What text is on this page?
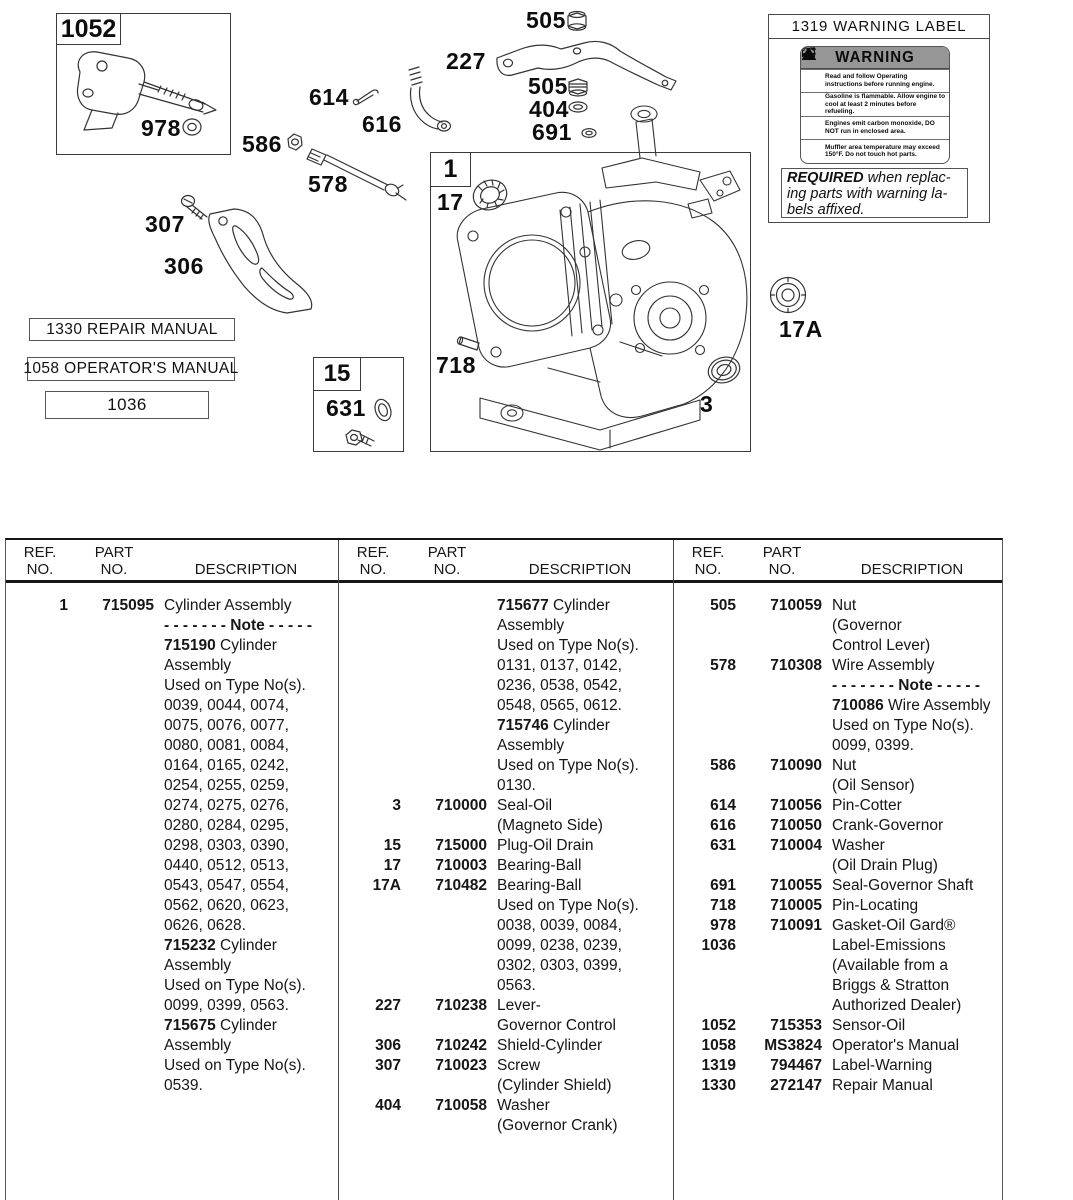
1052
1
15
978
586
614
616
578
307
306
227
505
505
404
691
17
718
3
17A
631
1330 REPAIR MANUAL
1058 OPERATOR'S MANUAL
1036
1319 WARNING LABEL
WARNING
Read and follow Operating instructions before running engine.
Gasoline is flammable. Allow engine to cool at least 2 minutes before refueling.
Engines emit carbon monoxide, DO NOT run in enclosed area.
Muffler area temperature may exceed 150°F. Do not touch hot parts.
REQUIRED when replac-
ing parts with warning la-
bels affixed.
REF.
NO.
PART
NO.	DESCRIPTION
1	715095 Cylinder Assembly
- - - - - - - Note - - - - -
715190 Cylinder
Assembly
Used on Type No(s).
0039, 0044, 0074,
0075, 0076, 0077,
0080, 0081, 0084,
0164, 0165, 0242,
0254, 0255, 0259,
0274, 0275, 0276,
0280, 0284, 0295,
0298, 0303, 0390,
0440, 0512, 0513,
0543, 0547, 0554,
0562, 0620, 0623,
0626, 0628.
715232 Cylinder
Assembly
Used on Type No(s).
0099, 0399, 0563.
715675 Cylinder
Assembly
Used on Type No(s).
0539.
REF.
NO.
PART
NO.	DESCRIPTION
715677 Cylinder
Assembly
Used on Type No(s).
0131, 0137, 0142,
0236, 0538, 0542,
0548, 0565, 0612.
715746 Cylinder
Assembly
Used on Type No(s).
0130.
3	710000 Seal-Oil
(Magneto Side)
15	715000 Plug-Oil Drain
17	710003 Bearing-Ball
17A	710482 Bearing-Ball
Used on Type No(s).
0038, 0039, 0084,
0099, 0238, 0239,
0302, 0303, 0399,
0563.
227	710238 Lever-
Governor Control
306	710242 Shield-Cylinder
307	710023 Screw
(Cylinder Shield)
404	710058 Washer
(Governor Crank)
REF.
NO.
PART
NO.	DESCRIPTION
505	710059 Nut
(Governor
Control Lever)
578	710308 Wire Assembly
- - - - - - - Note - - - - -
710086 Wire Assembly
Used on Type No(s).
0099, 0399.
586	710090 Nut
(Oil Sensor)
614	710056 Pin-Cotter
616	710050 Crank-Governor
631	710004 Washer
(Oil Drain Plug)
691	710055 Seal-Governor Shaft
718	710005 Pin-Locating
978	710091 Gasket-Oil Gard®
1036	Label-Emissions
(Available from a
Briggs & Stratton
Authorized Dealer)
1052	715353 Sensor-Oil
1058	MS3824 Operator's Manual
1319	794467 Label-Warning
1330	272147 Repair Manual
